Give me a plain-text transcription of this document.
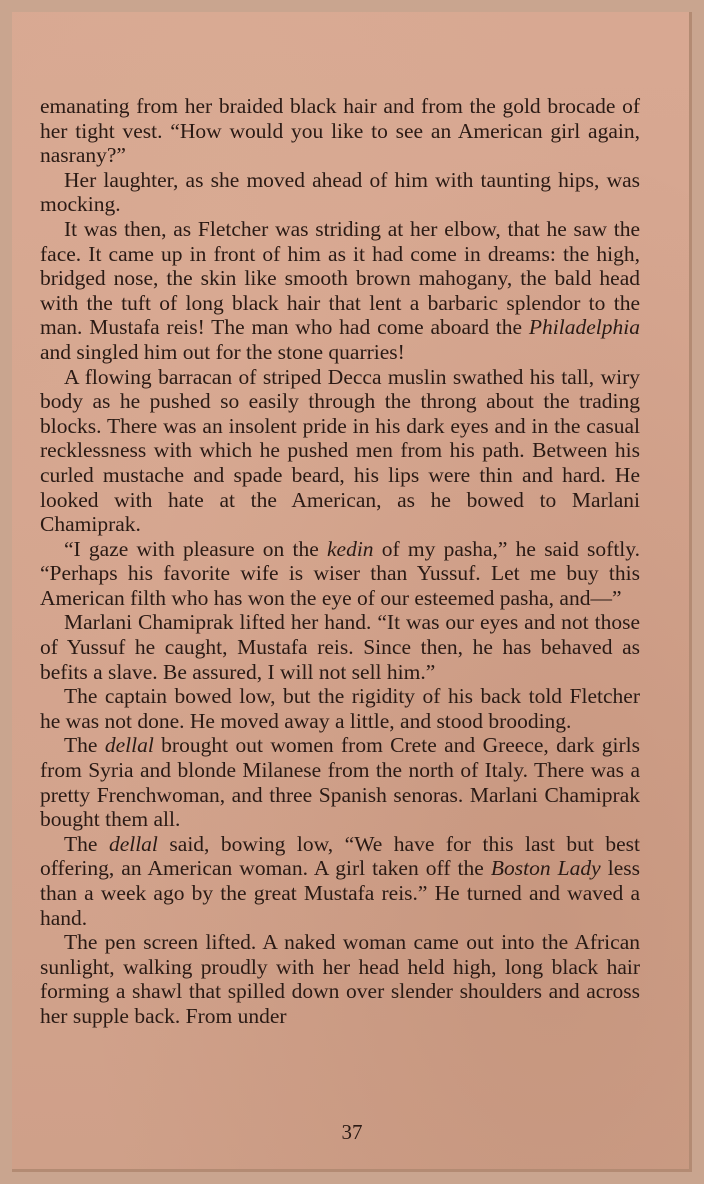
emanating from her braided black hair and from the gold brocade of her tight vest. “How would you like to see an American girl again, nasrany?”

Her laughter, as she moved ahead of him with taunting hips, was mocking.

It was then, as Fletcher was striding at her elbow, that he saw the face. It came up in front of him as it had come in dreams: the high, bridged nose, the skin like smooth brown mahogany, the bald head with the tuft of long black hair that lent a barbaric splendor to the man. Mustafa reis! The man who had come aboard the Philadelphia and singled him out for the stone quarries!

A flowing barracan of striped Decca muslin swathed his tall, wiry body as he pushed so easily through the throng about the trading blocks. There was an insolent pride in his dark eyes and in the casual recklessness with which he pushed men from his path. Between his curled mustache and spade beard, his lips were thin and hard. He looked with hate at the American, as he bowed to Marlani Chamiprak.

“I gaze with pleasure on the kedin of my pasha,” he said softly. “Perhaps his favorite wife is wiser than Yussuf. Let me buy this American filth who has won the eye of our esteemed pasha, and—”

Marlani Chamiprak lifted her hand. “It was our eyes and not those of Yussuf he caught, Mustafa reis. Since then, he has behaved as befits a slave. Be assured, I will not sell him.”

The captain bowed low, but the rigidity of his back told Fletcher he was not done. He moved away a little, and stood brooding.

The dellal brought out women from Crete and Greece, dark girls from Syria and blonde Milanese from the north of Italy. There was a pretty Frenchwoman, and three Spanish senoras. Marlani Chamiprak bought them all.

The dellal said, bowing low, “We have for this last but best offering, an American woman. A girl taken off the Boston Lady less than a week ago by the great Mustafa reis.” He turned and waved a hand.

The pen screen lifted. A naked woman came out into the African sunlight, walking proudly with her head held high, long black hair forming a shawl that spilled down over slender shoulders and across her supple back. From under

37
